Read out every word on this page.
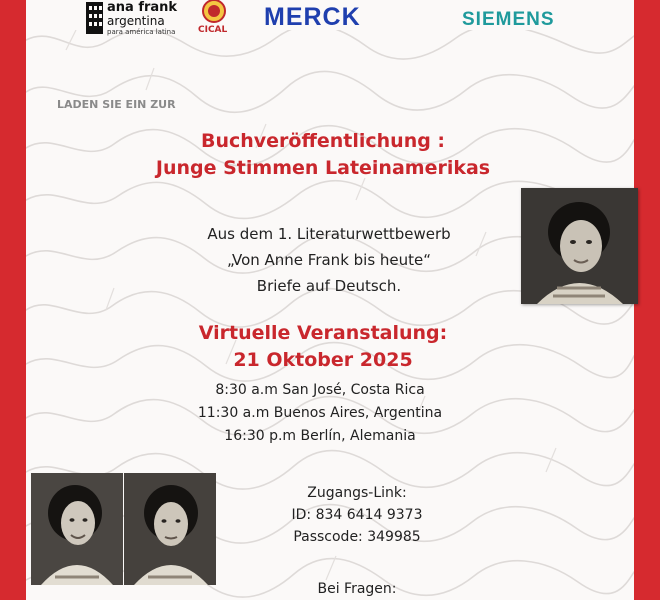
ana frank
argentina
para américa latina	CICAL MERCK	SIEMENS
LADEN SIE EIN ZUR
Buchveröffentlichung :
Junge Stimmen Lateinamerikas
Aus dem 1. Literaturwettbewerb
„Von Anne Frank bis heute“
Briefe auf Deutsch.
Virtuelle Veranstalung:
21 Oktober 2025
8:30 a.m San José, Costa Rica
11:30 a.m Buenos Aires, Argentina
16:30 p.m Berlín, Alemania
Zugangs-Link:
ID: 834 6414 9373
Passcode: 349985
Bei Fragen:
